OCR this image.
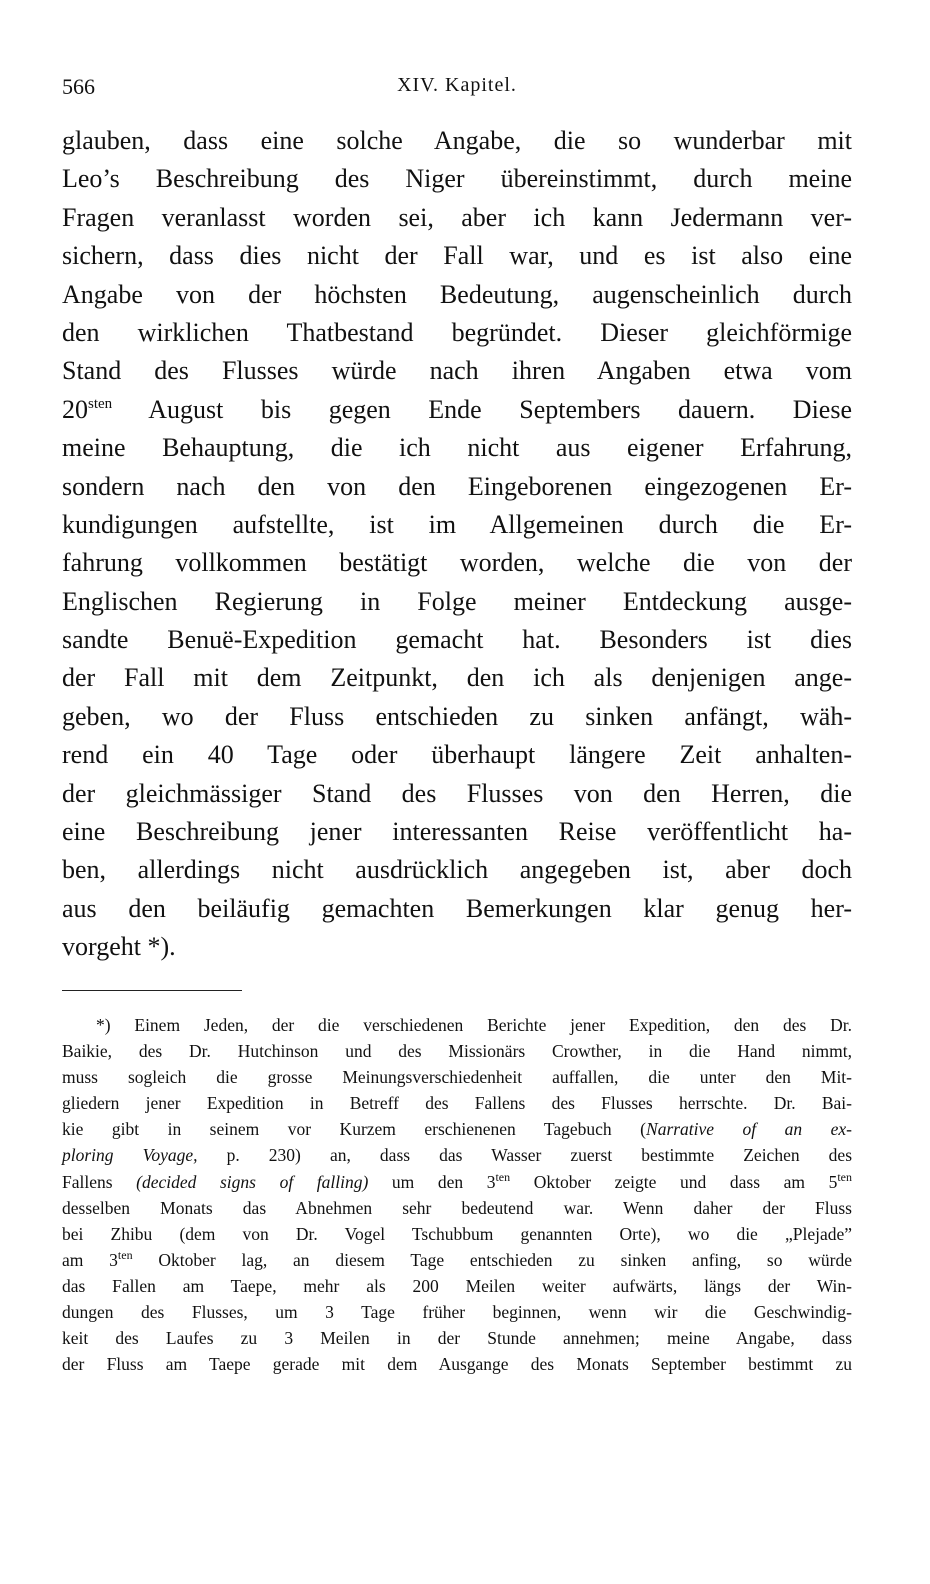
566	XIV. Kapitel.
glauben, dass eine solche Angabe, die so wunderbar mit
Leo’s Beschreibung des Niger übereinstimmt, durch meine
Fragen veranlasst worden sei, aber ich kann Jedermann ver-
sichern, dass dies nicht der Fall war, und es ist also eine
Angabe von der höchsten Bedeutung, augenscheinlich durch
den wirklichen Thatbestand begründet. Dieser gleichförmige
Stand des Flusses würde nach ihren Angaben etwa vom
$20^{sten}$ August bis gegen Ende Septembers dauern. Diese
meine Behauptung, die ich nicht aus eigener Erfahrung,
sondern nach den von den Eingeborenen eingezogenen Er-
kundigungen aufstellte, ist im Allgemeinen durch die Er-
fahrung vollkommen bestätigt worden, welche die von der
Englischen Regierung in Folge meiner Entdeckung ausge-
sandte Benuë-Expedition gemacht hat. Besonders ist dies
der Fall mit dem Zeitpunkt, den ich als denjenigen ange-
geben, wo der Fluss entschieden zu sinken anfängt, wäh-
rend ein 40 Tage oder überhaupt längere Zeit anhalten-
der gleichmässiger Stand des Flusses von den Herren, die
eine Beschreibung jener interessanten Reise veröffentlicht ha-
ben, allerdings nicht ausdrücklich angegeben ist, aber doch
aus den beiläufig gemachten Bemerkungen klar genug her-
vorgeht *).
*) Einem Jeden, der die verschiedenen Berichte jener Expedition, den des Dr.
Baikie, des Dr. Hutchinson und des Missionärs Crowther, in die Hand nimmt,
muss sogleich die grosse Meinungsverschiedenheit auffallen, die unter den Mit-
gliedern jener Expedition in Betreff des Fallens des Flusses herrschte. Dr. Bai-
kie gibt in seinem vor Kurzem erschienenen Tagebuch (Narrative of an ex-
ploring Voyage, p. 230) an, dass das Wasser zuerst bestimmte Zeichen des
Fallens (decided signs of falling) um den $3^{ten}$ Oktober zeigte und dass am $5^{ten}$
desselben Monats das Abnehmen sehr bedeutend war. Wenn daher der Fluss
bei Zhibu (dem von Dr. Vogel Tschubbum genannten Orte), wo die „Plejade”
am $3^{ten}$ Oktober lag, an diesem Tage entschieden zu sinken anfing, so würde
das Fallen am Taepe, mehr als 200 Meilen weiter aufwärts, längs der Win-
dungen des Flusses, um 3 Tage früher beginnen, wenn wir die Geschwindig-
keit des Laufes zu 3 Meilen in der Stunde annehmen; meine Angabe, dass
der Fluss am Taepe gerade mit dem Ausgange des Monats September bestimmt zu
